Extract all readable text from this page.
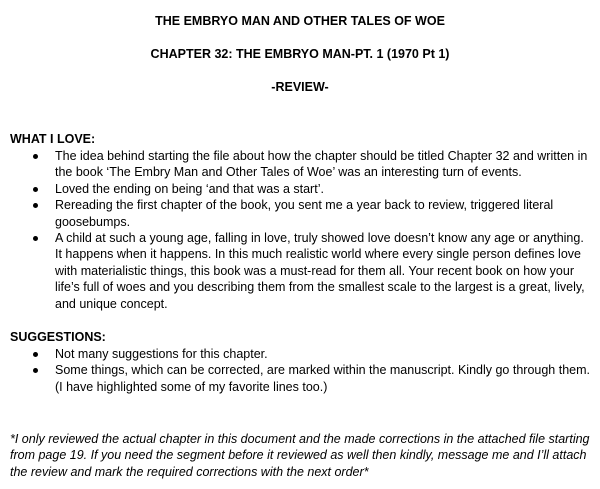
THE EMBRYO MAN AND OTHER TALES OF WOE
CHAPTER 32: THE EMBRYO MAN-PT. 1 (1970 Pt 1)
-REVIEW-
WHAT I LOVE:
The idea behind starting the file about how the chapter should be titled Chapter 32 and written in the book ‘The Embry Man and Other Tales of Woe’ was an interesting turn of events.
Loved the ending on being ‘and that was a start’.
Rereading the first chapter of the book, you sent me a year back to review, triggered literal goosebumps.
A child at such a young age, falling in love, truly showed love doesn’t know any age or anything. It happens when it happens. In this much realistic world where every single person defines love with materialistic things, this book was a must-read for them all. Your recent book on how your life’s full of woes and you describing them from the smallest scale to the largest is a great, lively, and unique concept.
SUGGESTIONS:
Not many suggestions for this chapter.
Some things, which can be corrected, are marked within the manuscript. Kindly go through them. (I have highlighted some of my favorite lines too.)
*I only reviewed the actual chapter in this document and the made corrections in the attached file starting from page 19. If you need the segment before it reviewed as well then kindly, message me and I’ll attach the review and mark the required corrections with the next order*
